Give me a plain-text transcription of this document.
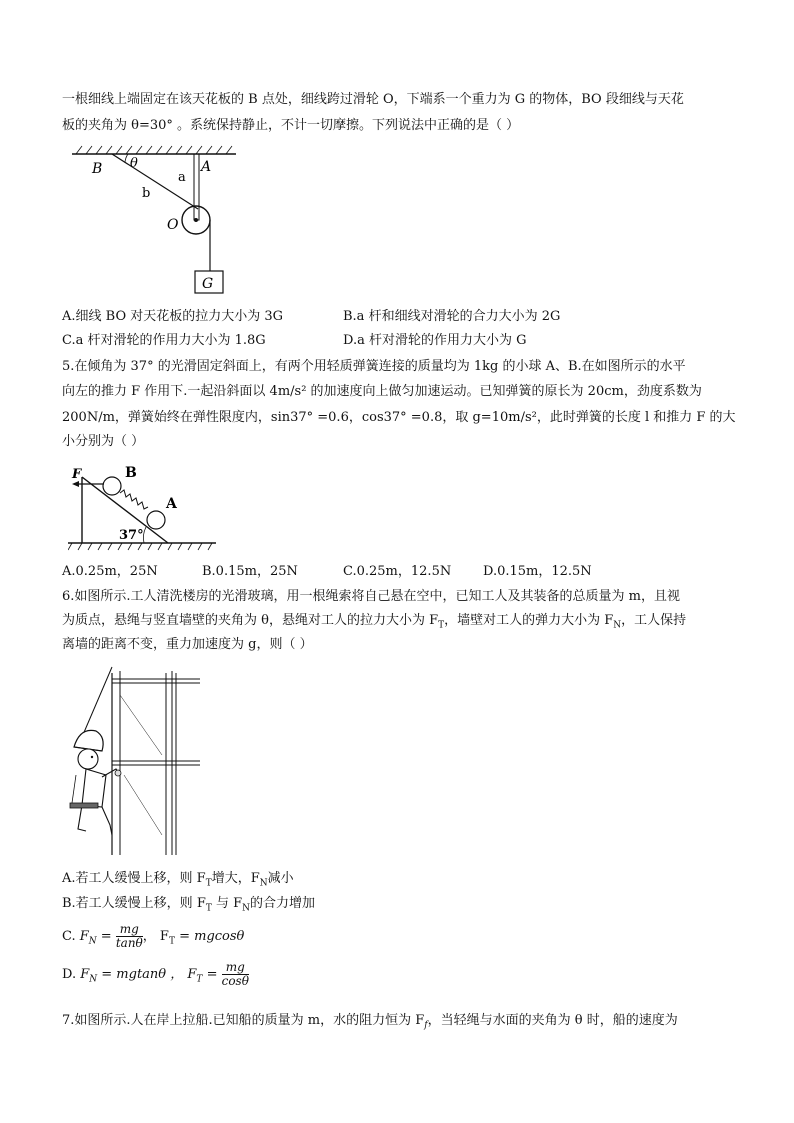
一根细线上端固定在该天花板的 B 点处，细线跨过滑轮 O，下端系一个重力为 G 的物体，BO 段细线与天花
板的夹角为 θ=30° 。系统保持静止，不计一切摩擦。下列说法中正确的是（ ）
B θ
a
A
b
O
G
A.细线 BO 对天花板的拉力大小为 3G	B.a 杆和细线对滑轮的合力大小为 2G
C.a 杆对滑轮的作用力大小为 1.8G	D.a 杆对滑轮的作用力大小为 G
5.在倾角为 37° 的光滑固定斜面上，有两个用轻质弹簧连接的质量均为 1kg 的小球 A、B.在如图所示的水平
向左的推力 F 作用下.一起沿斜面以 4m/s² 的加速度向上做匀加速运动。已知弹簧的原长为 20cm，劲度系数为
200N/m，弹簧始终在弹性限度内，sin37° =0.6，cos37° =0.8，取 g=10m/s²，此时弹簧的长度 l 和推力 F 的大
小分别为（ ）
F	B
A
37°
A.0.25m，25N	B.0.15m，25N	C.0.25m，12.5N D.0.15m，12.5N
6.如图所示.工人清洗楼房的光滑玻璃，用一根绳索将自己悬在空中，已知工人及其装备的总质量为 m，且视
为质点，悬绳与竖直墙壁的夹角为 θ，悬绳对工人的拉力大小为 $F_T$，墙壁对工人的弹力大小为 $F_N$，工人保持
离墙的距离不变，重力加速度为 g，则（ ）
A.若工人缓慢上移，则 $F_T$增大，$F_N$减小
B.若工人缓慢上移，则 $F_T$ 与 $F_N$的合力增加
C. $F_N = \frac{mg}{\tan\theta}$ ， $F_T = mgcos\theta$
D. $F_N = mgtan\theta$ ， $F_T = \frac{mg}{\cos\theta}$
7.如图所示.人在岸上拉船.已知船的质量为 m，水的阻力恒为 $F_f$，当轻绳与水面的夹角为 θ 时，船的速度为
